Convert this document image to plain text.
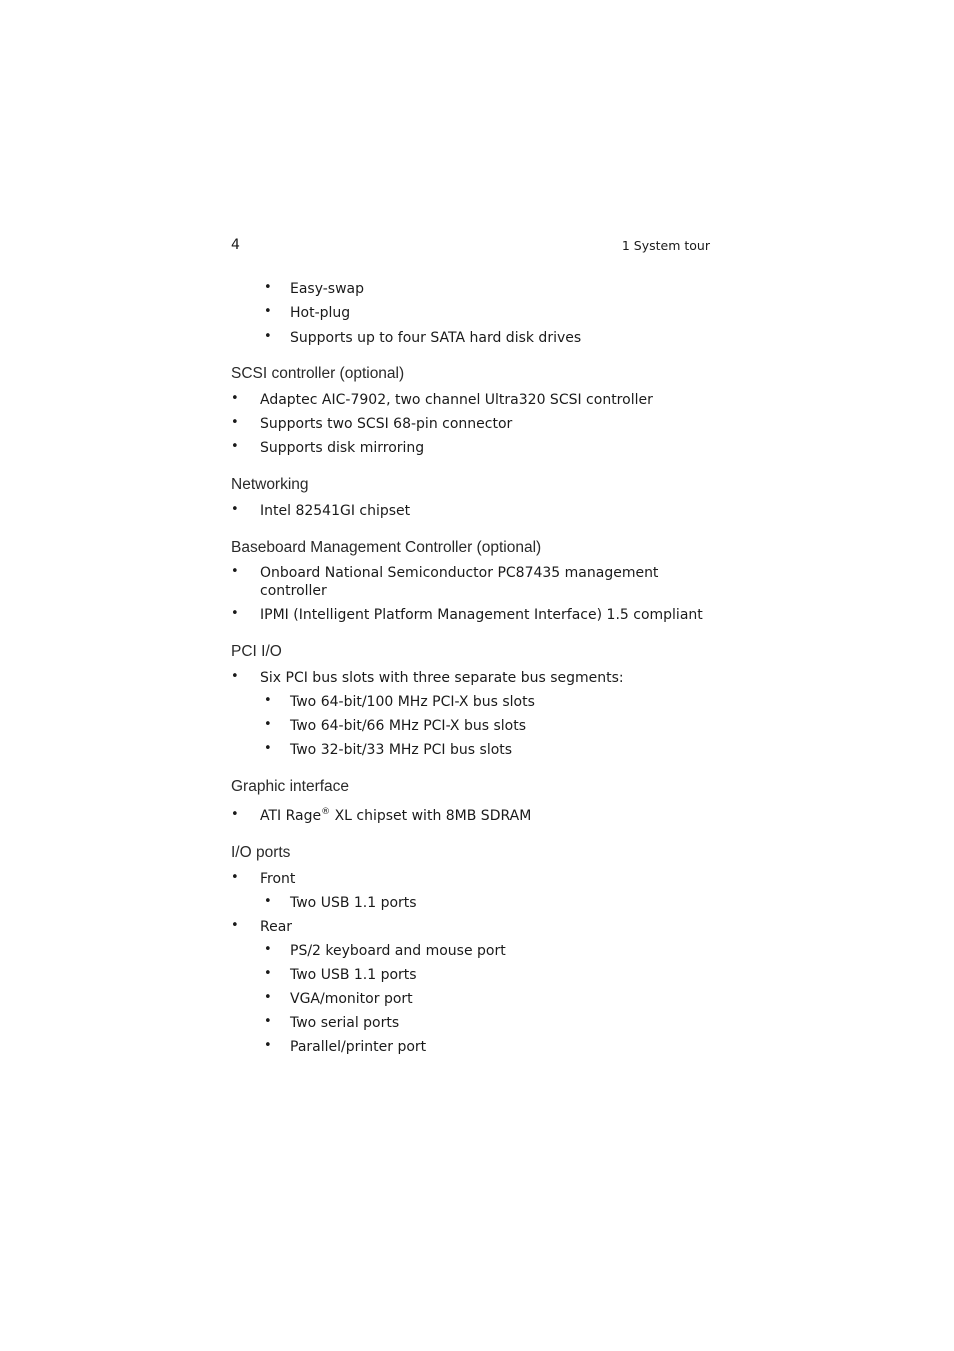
4	1 System tour
• Easy-swap
• Hot-plug
• Supports up to four SATA hard disk drives
SCSI controller (optional)
• Adaptec AIC-7902, two channel Ultra320 SCSI controller
• Supports two SCSI 68-pin connector
• Supports disk mirroring
Networking
• Intel 82541GI chipset
Baseboard Management Controller (optional)
• Onboard National Semiconductor PC87435 management
controller
• IPMI (Intelligent Platform Management Interface) 1.5 compliant
PCI I/O
• Six PCI bus slots with three separate bus segments:
• Two 64-bit/100 MHz PCI-X bus slots
• Two 64-bit/66 MHz PCI-X bus slots
• Two 32-bit/33 MHz PCI bus slots
Graphic interface
• ATI Rage® XL chipset with 8MB SDRAM
I/O ports
• Front
• Two USB 1.1 ports
• Rear
• PS/2 keyboard and mouse port
• Two USB 1.1 ports
• VGA/monitor port
• Two serial ports
• Parallel/printer port
